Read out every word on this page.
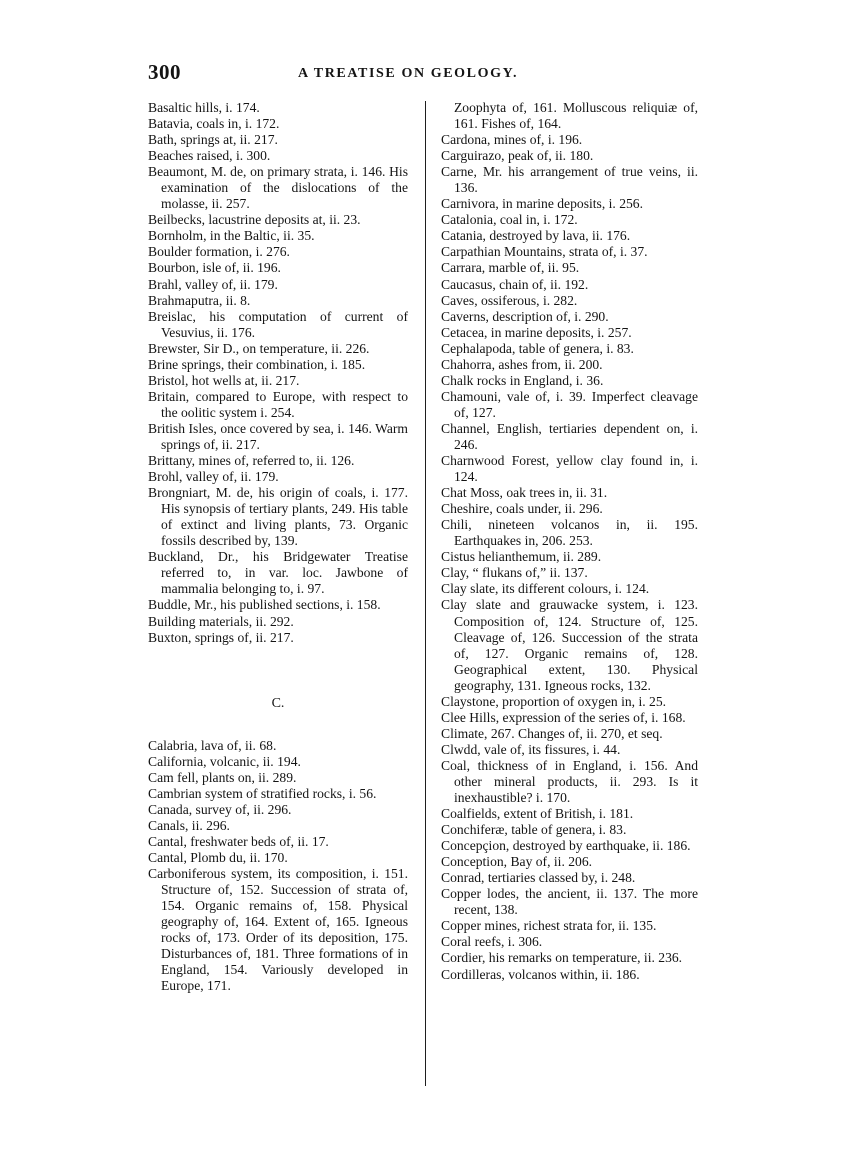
300	A TREATISE ON GEOLOGY.

Basaltic hills, i. 174.

Batavia, coals in, i. 172.

Bath, springs at, ii. 217.

Beaches raised, i. 300.

Beaumont, M. de, on primary strata, i. 146. His examination of the dislocations of the molasse, ii. 257.

Beilbecks, lacustrine deposits at, ii. 23.

Bornholm, in the Baltic, ii. 35.

Boulder formation, i. 276.

Bourbon, isle of, ii. 196.

Brahl, valley of, ii. 179.

Brahmaputra, ii. 8.

Breislac, his computation of current of Vesuvius, ii. 176.

Brewster, Sir D., on temperature, ii. 226.

Brine springs, their combination, i. 185.

Bristol, hot wells at, ii. 217.

Britain, compared to Europe, with respect to the oolitic system i. 254.

British Isles, once covered by sea, i. 146. Warm springs of, ii. 217.

Brittany, mines of, referred to, ii. 126.

Brohl, valley of, ii. 179.

Brongniart, M. de, his origin of coals, i. 177. His synopsis of tertiary plants, 249. His table of extinct and living plants, 73. Organic fossils described by, 139.

Buckland, Dr., his Bridgewater Treatise referred to, in var. loc. Jawbone of mammalia belonging to, i. 97.

Buddle, Mr., his published sections, i. 158.

Building materials, ii. 292.

Buxton, springs of, ii. 217.

C.

Calabria, lava of, ii. 68.

California, volcanic, ii. 194.

Cam fell, plants on, ii. 289.

Cambrian system of stratified rocks, i. 56.

Canada, survey of, ii. 296.

Canals, ii. 296.

Cantal, freshwater beds of, ii. 17.

Cantal, Plomb du, ii. 170.

Carboniferous system, its composition, i. 151. Structure of, 152. Succession of strata of, 154. Organic remains of, 158. Physical geography of, 164. Extent of, 165. Igneous rocks of, 173. Order of its deposition, 175. Disturbances of, 181. Three formations of in England, 154. Variously developed in Europe, 171.

Zoophyta of, 161. Molluscous reliquiæ of, 161. Fishes of, 164.

Cardona, mines of, i. 196.

Carguirazo, peak of, ii. 180.

Carne, Mr. his arrangement of true veins, ii. 136.

Carnivora, in marine deposits, i. 256.

Catalonia, coal in, i. 172.

Catania, destroyed by lava, ii. 176.

Carpathian Mountains, strata of, i. 37.

Carrara, marble of, ii. 95.

Caucasus, chain of, ii. 192.

Caves, ossiferous, i. 282.

Caverns, description of, i. 290.

Cetacea, in marine deposits, i. 257.

Cephalapoda, table of genera, i. 83.

Chahorra, ashes from, ii. 200.

Chalk rocks in England, i. 36.

Chamouni, vale of, i. 39. Imperfect cleavage of, 127.

Channel, English, tertiaries dependent on, i. 246.

Charnwood Forest, yellow clay found in, i. 124.

Chat Moss, oak trees in, ii. 31.

Cheshire, coals under, ii. 296.

Chili, nineteen volcanos in, ii. 195. Earthquakes in, 206. 253.

Cistus helianthemum, ii. 289.

Clay, “ flukans of,” ii. 137.

Clay slate, its different colours, i. 124.

Clay slate and grauwacke system, i. 123. Composition of, 124. Structure of, 125. Cleavage of, 126. Succession of the strata of, 127. Organic remains of, 128. Geographical extent, 130. Physical geography, 131. Igneous rocks, 132.

Claystone, proportion of oxygen in, i. 25.

Clee Hills, expression of the series of, i. 168.

Climate, 267. Changes of, ii. 270, et seq.

Clwdd, vale of, its fissures, i. 44.

Coal, thickness of in England, i. 156. And other mineral products, ii. 293. Is it inexhaustible? i. 170.

Coalfields, extent of British, i. 181.

Conchiferæ, table of genera, i. 83.

Concepçion, destroyed by earthquake, ii. 186.

Conception, Bay of, ii. 206.

Conrad, tertiaries classed by, i. 248.

Copper lodes, the ancient, ii. 137. The more recent, 138.

Copper mines, richest strata for, ii. 135.

Coral reefs, i. 306.

Cordier, his remarks on temperature, ii. 236.

Cordilleras, volcanos within, ii. 186.
